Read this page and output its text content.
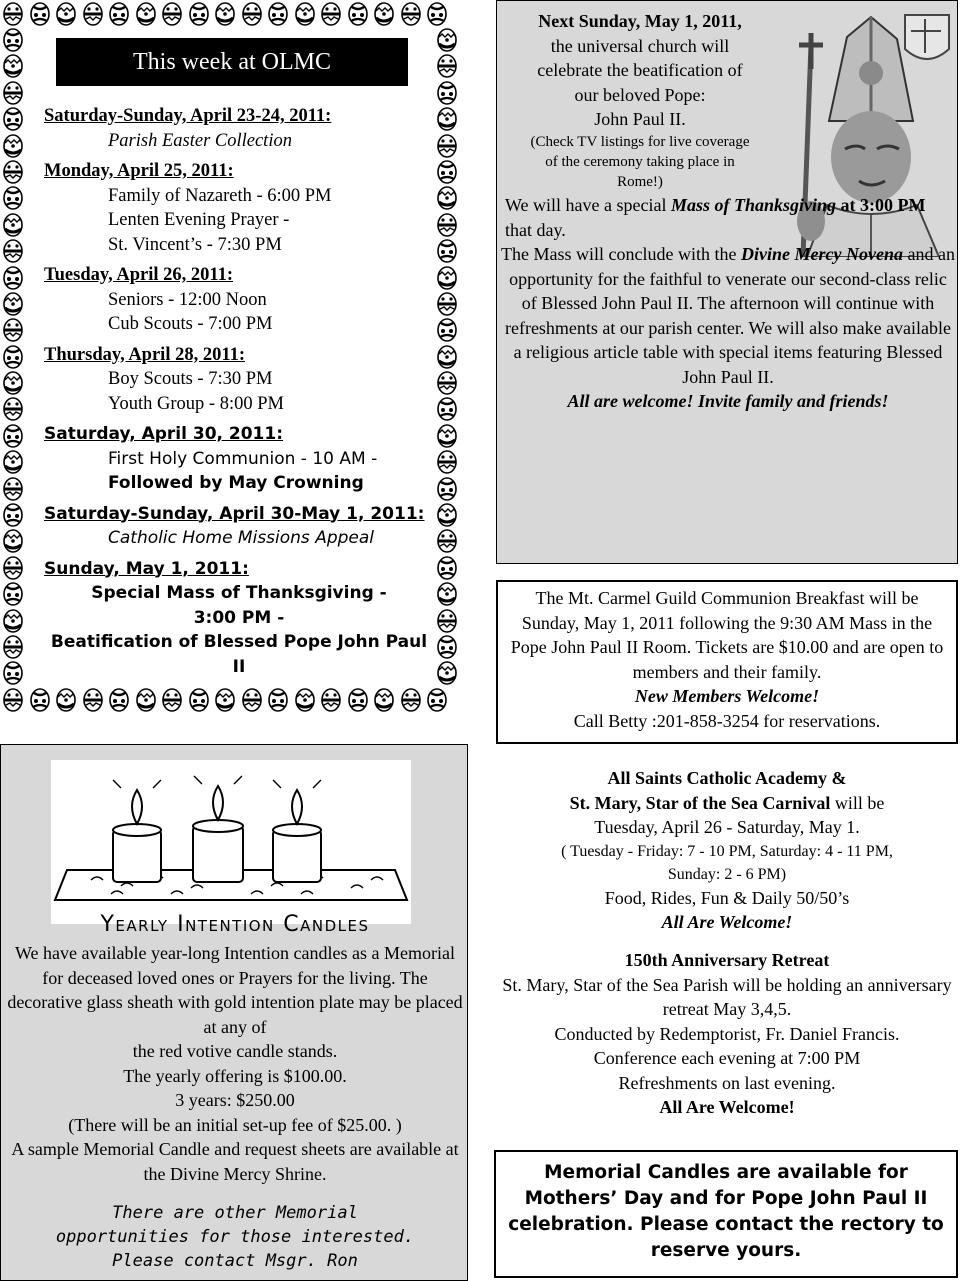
This week at OLMC
Saturday-Sunday, April 23-24, 2011:
Parish Easter Collection
Monday, April 25, 2011:
Family of Nazareth - 6:00 PM
Lenten Evening Prayer -
St. Vincent’s - 7:30 PM
Tuesday, April 26, 2011:
Seniors - 12:00 Noon
Cub Scouts - 7:00 PM
Thursday, April 28, 2011:
Boy Scouts - 7:30 PM
Youth Group - 8:00 PM
Saturday, April 30, 2011:
First Holy Communion - 10 AM -
Followed by May Crowning
Saturday-Sunday, April 30-May 1, 2011:
Catholic Home Missions Appeal
Sunday, May 1, 2011:
Special Mass of Thanksgiving -
3:00 PM -
Beatification of Blessed Pope John Paul II
Next Sunday, May 1, 2011,
the universal church will
celebrate the beatification of
our beloved Pope:
John Paul II.
(Check TV listings for live coverage
of the ceremony taking place in
Rome!)
We will have a special Mass of Thanksgiving at 3:00 PM that day.
The Mass will conclude with the Divine Mercy Novena and an opportunity for the faithful to venerate our second-class relic of Blessed John Paul II. The afternoon will continue with refreshments at our parish center. We will also make available a religious article table with special items featuring Blessed John Paul II.
All are welcome! Invite family and friends!
The Mt. Carmel Guild Communion Breakfast will be Sunday, May 1, 2011 following the 9:30 AM Mass in the Pope John Paul II Room. Tickets are $10.00 and are open to members and their family.
New Members Welcome!
Call Betty :201-858-3254 for reservations.
Yearly Intention Candles
We have available year-long Intention candles as a Memorial for deceased loved ones or Prayers for the living. The decorative glass sheath with gold intention plate may be placed at any of
the red votive candle stands.
The yearly offering is $100.00.
3 years: $250.00
(There will be an initial set-up fee of $25.00. )
A sample Memorial Candle and request sheets are available at the Divine Mercy Shrine.
There are other Memorial
opportunities for those interested.
Please contact Msgr. Ron
All Saints Catholic Academy &
St. Mary, Star of the Sea Carnival will be
Tuesday, April 26 - Saturday, May 1.
( Tuesday - Friday: 7 - 10 PM, Saturday: 4 - 11 PM,
Sunday: 2 - 6 PM)
Food, Rides, Fun & Daily 50/50’s
All Are Welcome!
150th Anniversary Retreat
St. Mary, Star of the Sea Parish will be holding an anniversary retreat May 3,4,5.
Conducted by Redemptorist, Fr. Daniel Francis.
Conference each evening at 7:00 PM
Refreshments on last evening.
All Are Welcome!
Memorial Candles are available for Mothers’ Day and for Pope John Paul II celebration. Please contact the rectory to reserve yours.
